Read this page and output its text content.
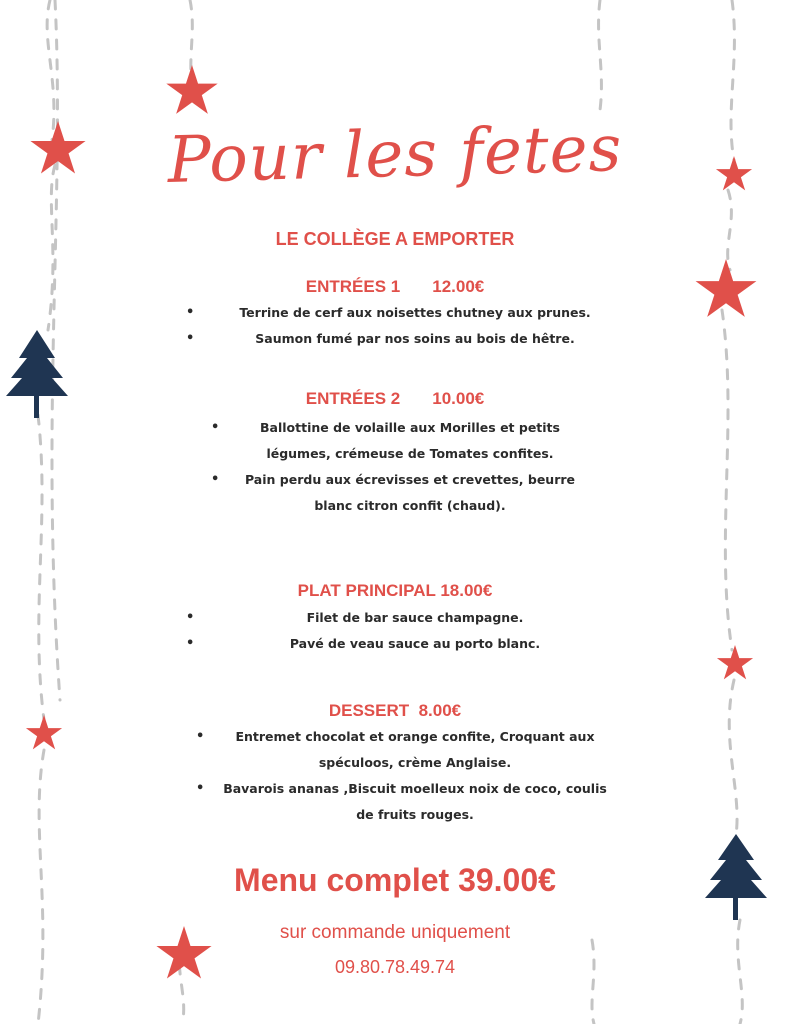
Pour les fetes
LE COLLÈGE A EMPORTER
ENTRÉES 1 12.00€
• Terrine de cerf aux noisettes chutney aux prunes.
• Saumon fumé par nos soins au bois de hêtre.
ENTRÉES 2 10.00€
• Ballottine de volaille aux Morilles et petits légumes, crémeuse de Tomates confites.
• Pain perdu aux écrevisses et crevettes, beurre blanc citron confit (chaud).
PLAT PRINCIPAL 18.00€
• Filet de bar sauce champagne.
• Pavé de veau sauce au porto blanc.
DESSERT 8.00€
• Entremet chocolat et orange confite, Croquant aux spéculoos, crème Anglaise.
• Bavarois ananas ,Biscuit moelleux noix de coco, coulis de fruits rouges.
Menu complet 39.00€
sur commande uniquement
09.80.78.49.74
